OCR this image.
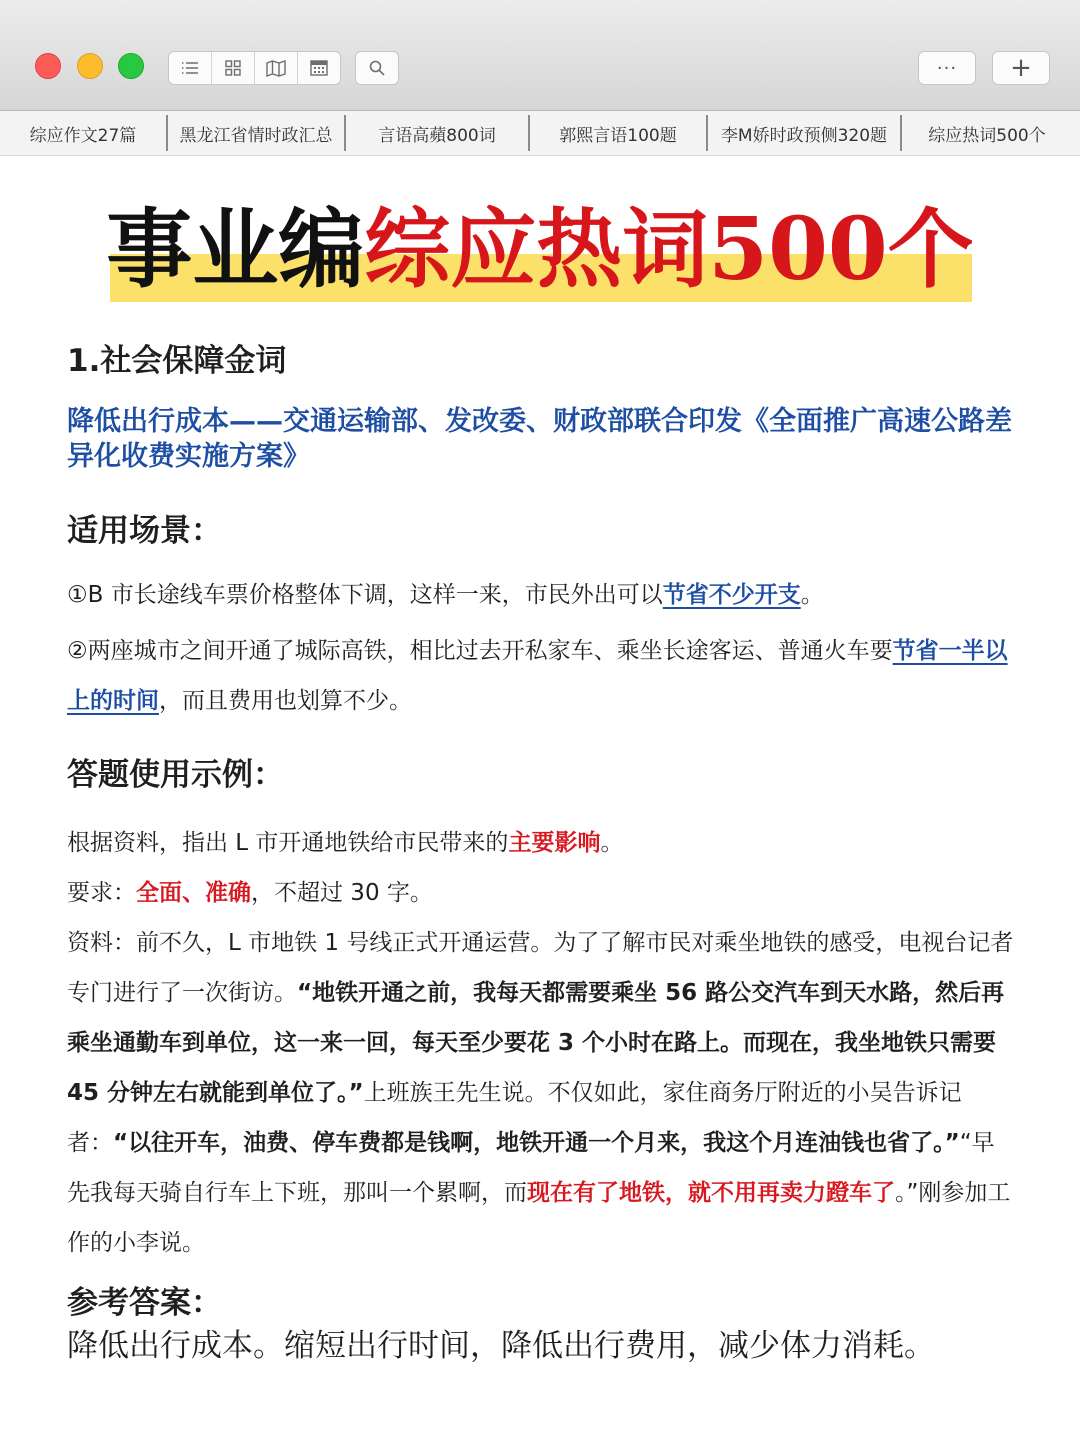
···	+
综应作文27篇	黑龙江省情时政汇总	言语高蘋800词	郭熙言语100题	李M娇时政预侧320题	综应热词500个
事业编综应热词500个
1.社会保障金词
降低出行成本——交通运输部、发改委、财政部联合印发《全面推广高速公路差异化收费实施方案》
适用场景：
①B 市长途线车票价格整体下调，这样一来，市民外出可以节省不少开支。
②两座城市之间开通了城际高铁，相比过去开私家车、乘坐长途客运、普通火车要节省一半以上的时间，而且费用也划算不少。
答题使用示例：
根据资料，指出 L 市开通地铁给市民带来的主要影响。
要求：全面、准确，不超过 30 字。
资料：前不久，L 市地铁 1 号线正式开通运营。为了了解市民对乘坐地铁的感受，电视台记者专门进行了一次街访。“地铁开通之前，我每天都需要乘坐 56 路公交汽车到天水路，然后再乘坐通勤车到单位，这一来一回，每天至少要花 3 个小时在路上。而现在，我坐地铁只需要 45 分钟左右就能到单位了。”上班族王先生说。不仅如此，家住商务厅附近的小吴告诉记者：“以往开车，油费、停车费都是钱啊，地铁开通一个月来，我这个月连油钱也省了。”“早先我每天骑自行车上下班，那叫一个累啊，而现在有了地铁，就不用再卖力蹬车了。”刚参加工作的小李说。
参考答案：
降低出行成本。缩短出行时间，降低出行费用，减少体力消耗。
